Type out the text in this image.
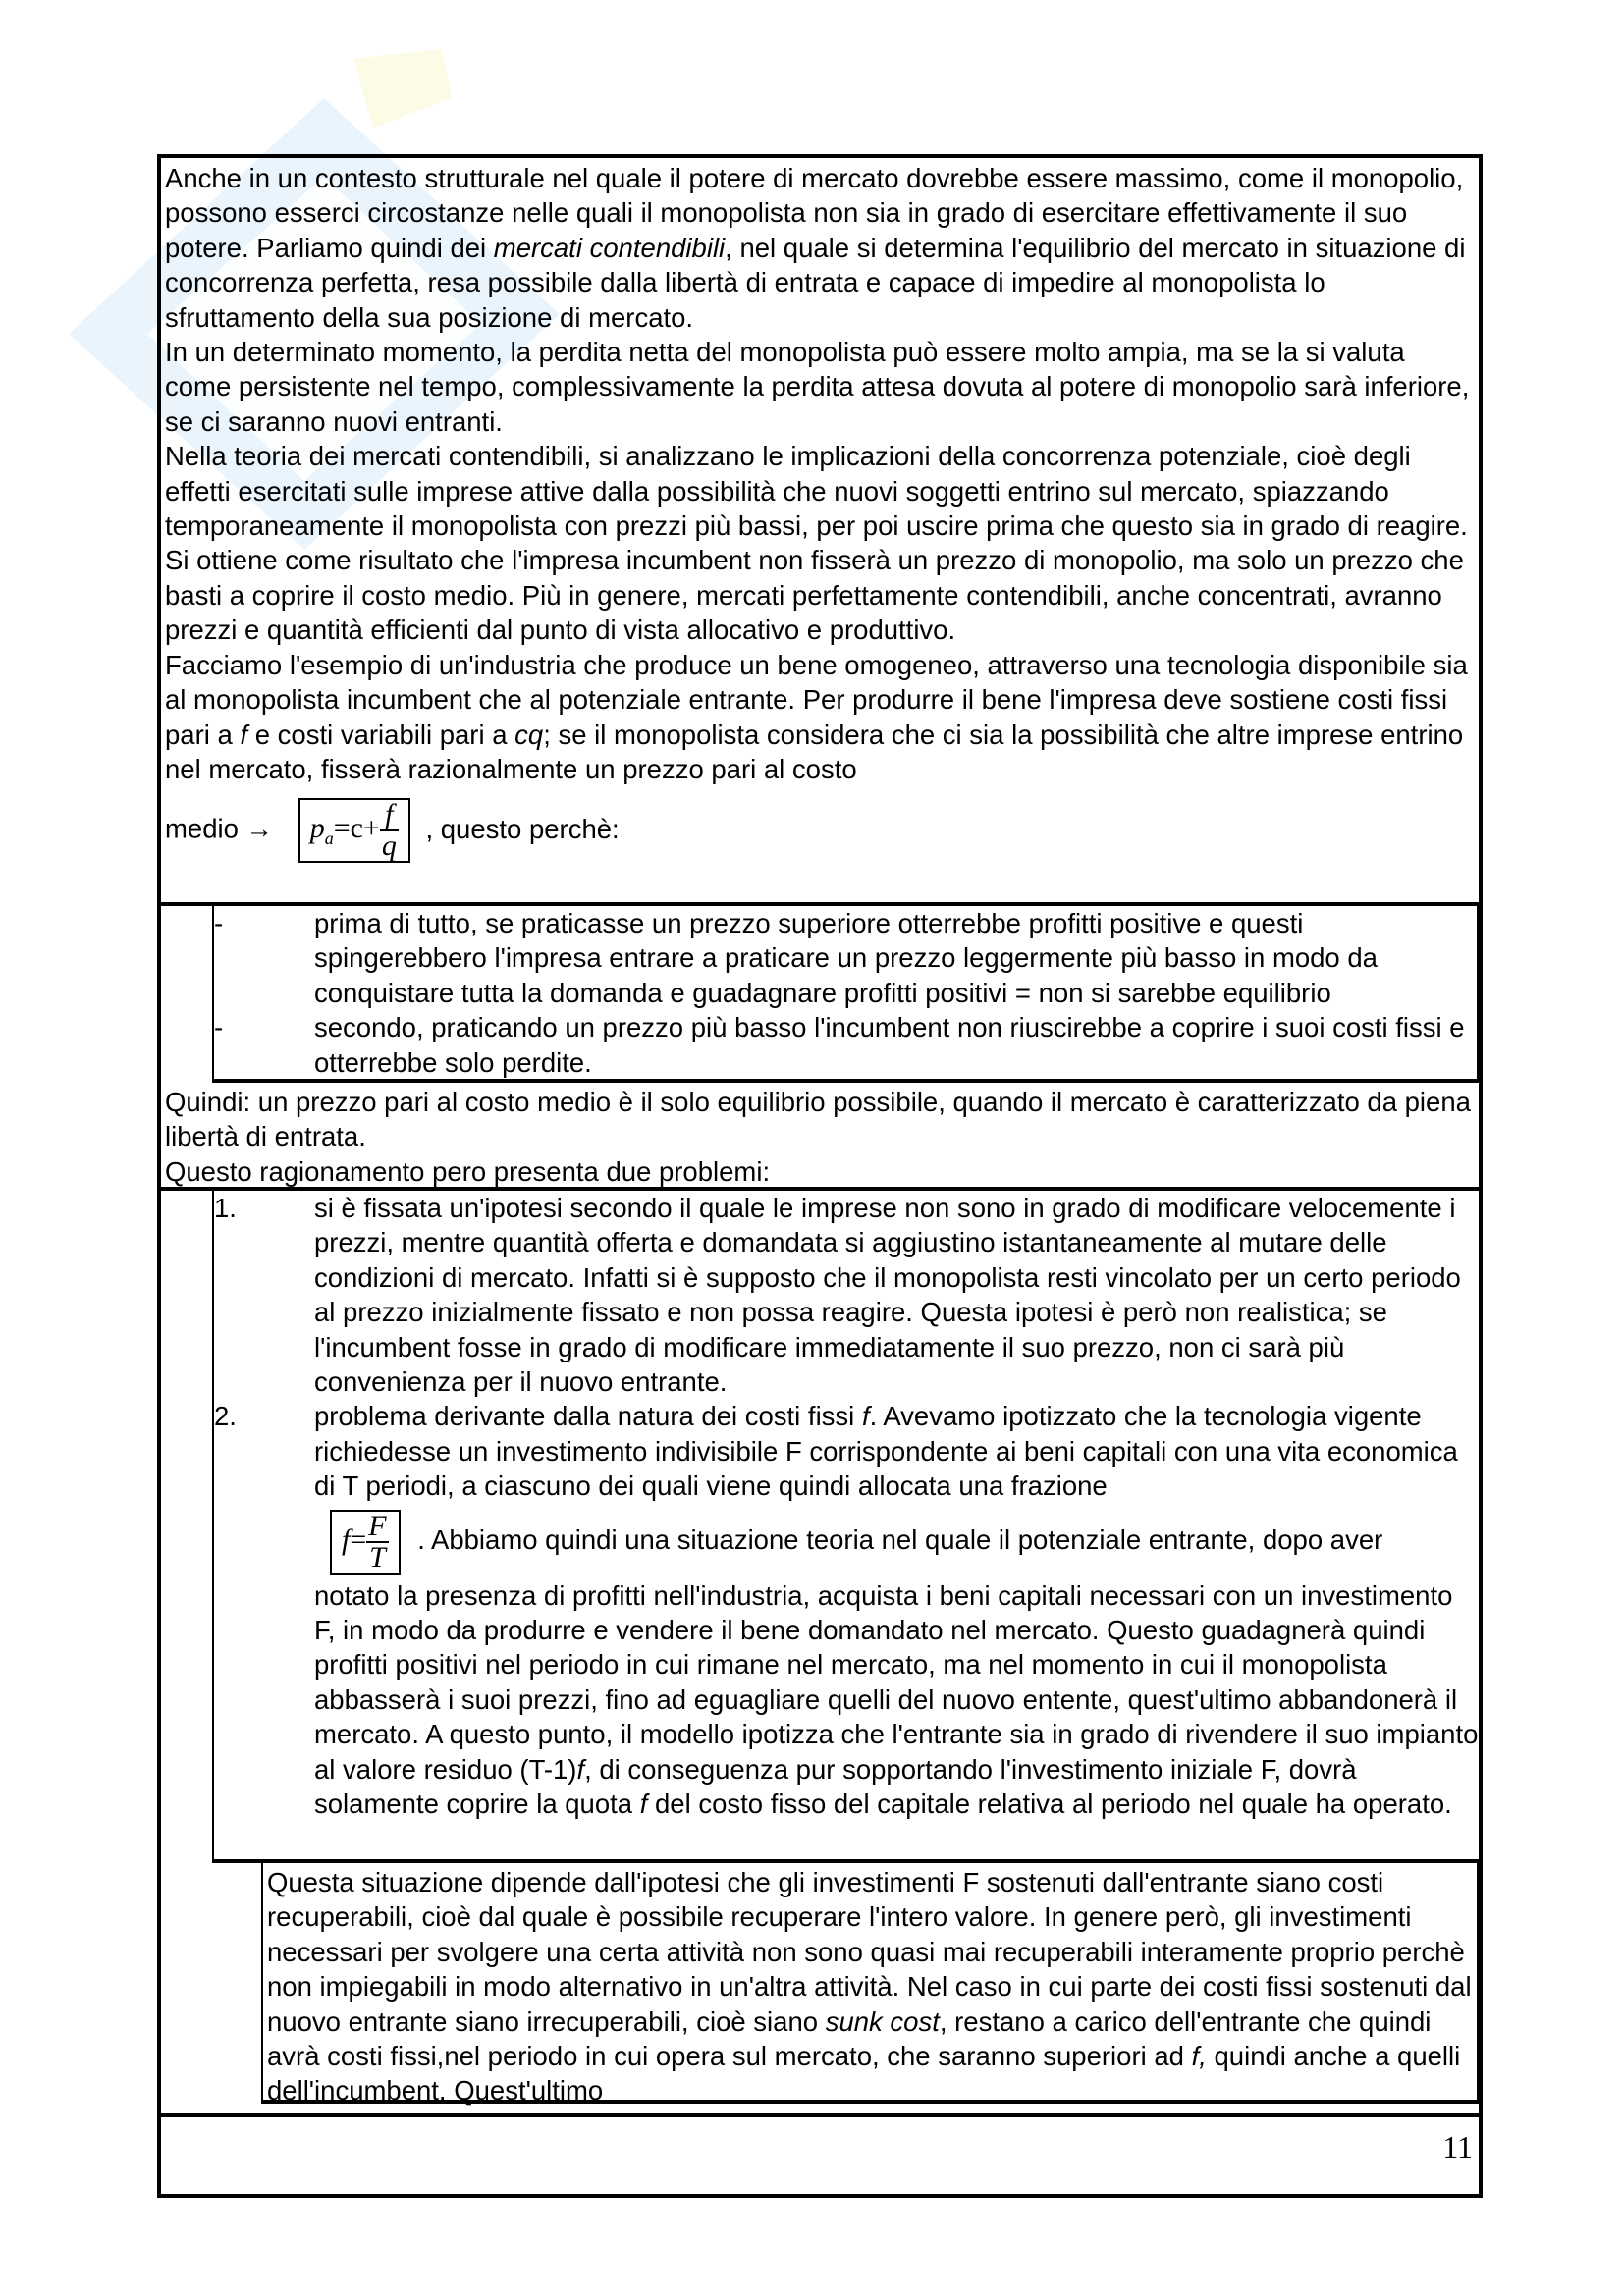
Anche in un contesto strutturale nel quale il potere di mercato dovrebbe essere massimo, come il monopolio, possono esserci circostanze nelle quali il monopolista non sia in grado di esercitare effettivamente il suo potere. Parliamo quindi dei mercati contendibili, nel quale si determina l'equilibrio del mercato in situazione di concorrenza perfetta, resa possibile dalla libertà di entrata e capace di impedire al monopolista lo sfruttamento della sua posizione di mercato.

In un determinato momento, la perdita netta del monopolista può essere molto ampia, ma se la si valuta come persistente nel tempo, complessivamente la perdita attesa dovuta al potere di monopolio sarà inferiore, se ci saranno nuovi entranti.

Nella teoria dei mercati contendibili, si analizzano le implicazioni della concorrenza potenziale, cioè degli effetti esercitati sulle imprese attive dalla possibilità che nuovi soggetti entrino sul mercato, spiazzando temporaneamente il monopolista con prezzi più bassi, per poi uscire prima che questo sia in grado di reagire. Si ottiene come risultato che l'impresa incumbent non fisserà un prezzo di monopolio, ma solo un prezzo che basti a coprire il costo medio. Più in genere, mercati perfettamente contendibili, anche concentrati, avranno prezzi e quantità efficienti dal punto di vista allocativo e produttivo.

Facciamo l'esempio di un'industria che produce un bene omogeneo, attraverso una tecnologia disponibile sia al monopolista incumbent che al potenziale entrante. Per produrre il bene l'impresa deve sostiene costi fissi pari a f e costi variabili pari a cq; se il monopolista considera che ci sia la possibilità che altre imprese entrino nel mercato, fisserà razionalmente un prezzo pari al costo

medio → $p_a=c+ \frac{f}{q}$ , questo perchè:

-	prima di tutto, se praticasse un prezzo superiore otterrebbe profitti positive e questi spingerebbero l'impresa entrare a praticare un prezzo leggermente più basso in modo da conquistare tutta la domanda e guadagnare profitti positivi = non si sarebbe equilibrio
-	secondo, praticando un prezzo più basso l'incumbent non riuscirebbe a coprire i suoi costi fissi e otterrebbe solo perdite.

Quindi: un prezzo pari al costo medio è il solo equilibrio possibile, quando il mercato è caratterizzato da piena libertà di entrata.

Questo ragionamento pero presenta due problemi:

1.	si è fissata un'ipotesi secondo il quale le imprese non sono in grado di modificare velocemente i prezzi, mentre quantità offerta e domandata si aggiustino istantaneamente al mutare delle condizioni di mercato. Infatti si è supposto che il monopolista resti vincolato per un certo periodo al prezzo inizialmente fissato e non possa reagire. Questa ipotesi è però non realistica; se l'incumbent fosse in grado di modificare immediatamente il suo prezzo, non ci sarà più convenienza per il nuovo entrante.
2.	problema derivante dalla natura dei costi fissi f. Avevamo ipotizzato che la tecnologia vigente richiedesse un investimento indivisibile F corrispondente ai beni capitali con una vita economica di T periodi, a ciascuno dei quali viene quindi allocata una frazione
$f= \frac{F}{T}$ . Abbiamo quindi una situazione teoria nel quale il potenziale entrante, dopo aver
notato la presenza di profitti nell'industria, acquista i beni capitali necessari con un investimento F, in modo da produrre e vendere il bene domandato nel mercato. Questo guadagnerà quindi profitti positivi nel periodo in cui rimane nel mercato, ma nel momento in cui il monopolista abbasserà i suoi prezzi, fino ad eguagliare quelli del nuovo entente, quest'ultimo abbandonerà il mercato. A questo punto, il modello ipotizza che l'entrante sia in grado di rivendere il suo impianto al valore residuo (T-1)f, di conseguenza pur sopportando l'investimento iniziale F, dovrà solamente coprire la quota f del costo fisso del capitale relativa al periodo nel quale ha operato.

Questa situazione dipende dall'ipotesi che gli investimenti F sostenuti dall'entrante siano costi recuperabili, cioè dal quale è possibile recuperare l'intero valore. In genere però, gli investimenti necessari per svolgere una certa attività non sono quasi mai recuperabili interamente proprio perchè non impiegabili in modo alternativo in un'altra attività. Nel caso in cui parte dei costi fissi sostenuti dal nuovo entrante siano irrecuperabili, cioè siano sunk cost, restano a carico dell'entrante che quindi avrà costi fissi,nel periodo in cui opera sul mercato, che saranno superiori ad f, quindi anche a quelli dell'incumbent. Quest'ultimo

11
